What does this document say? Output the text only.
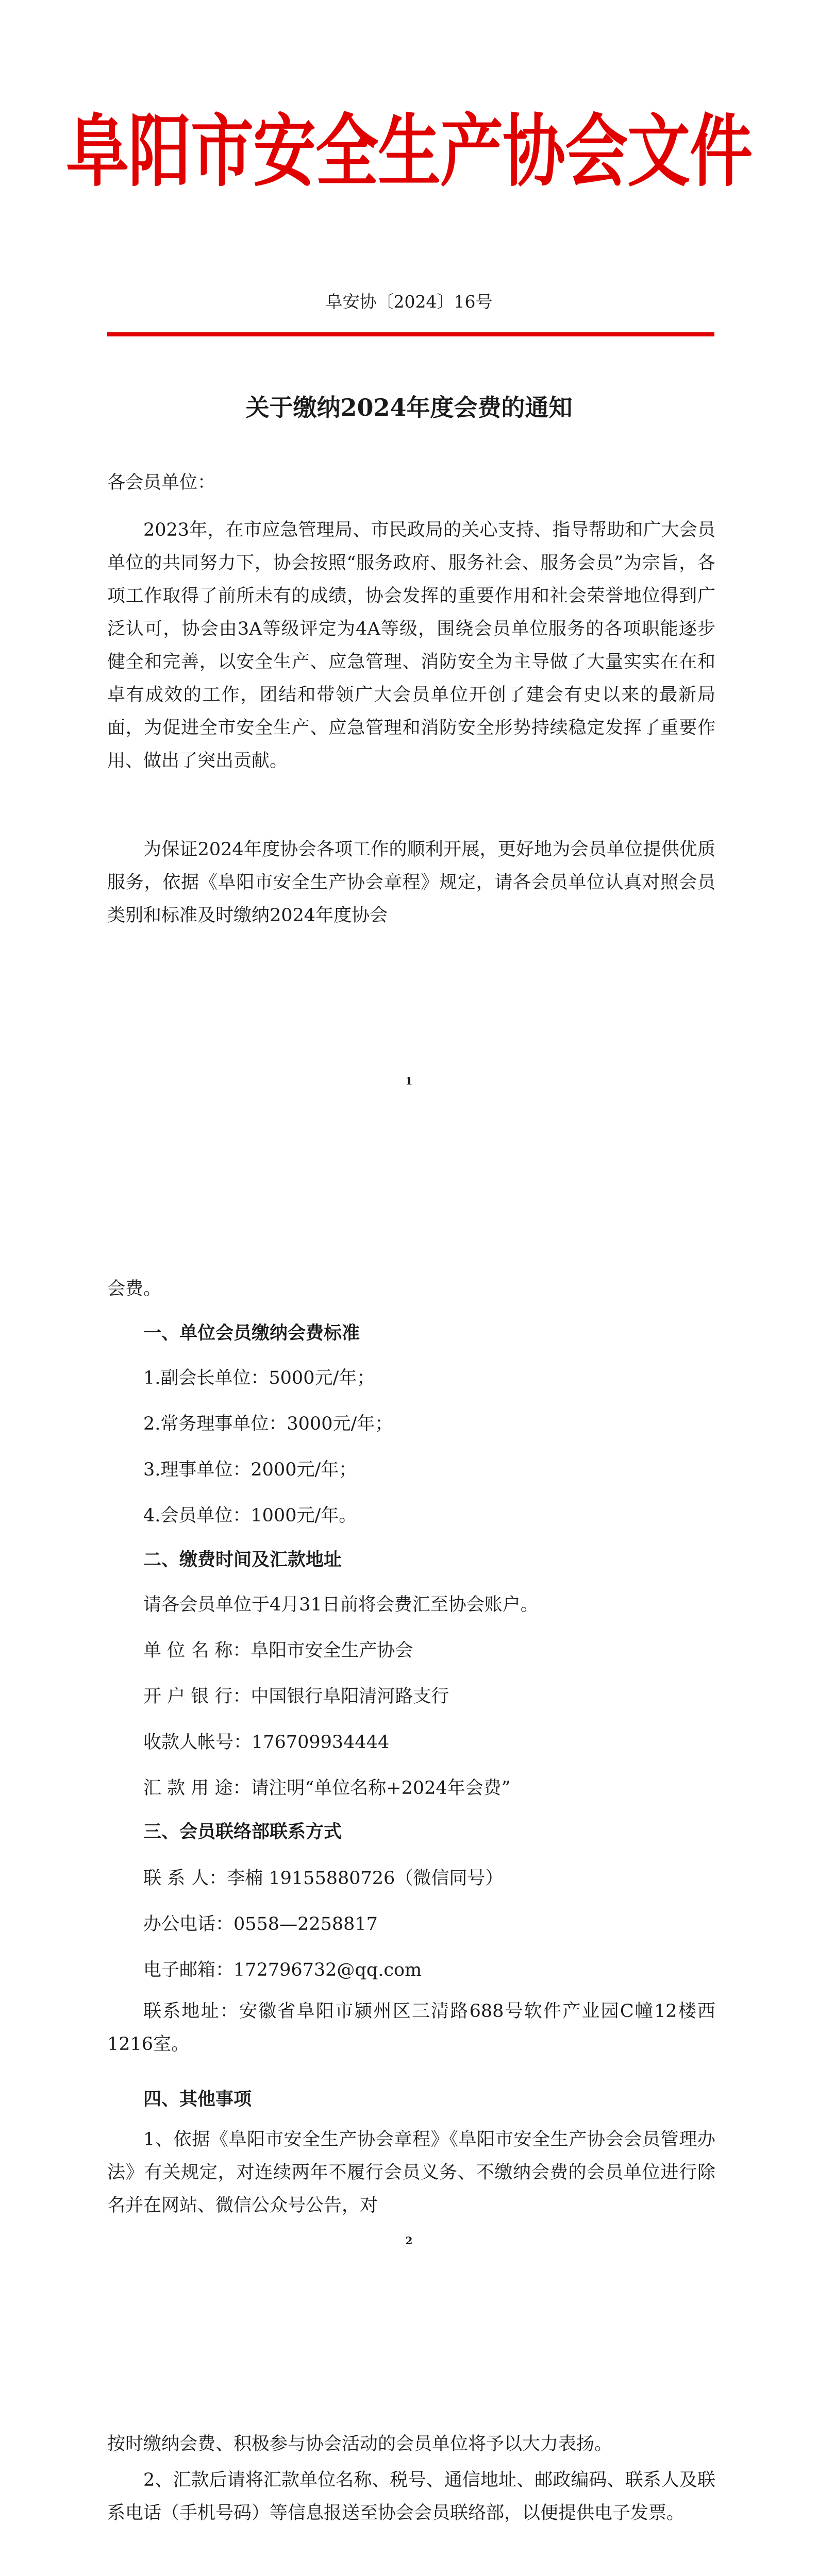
阜阳市安全生产协会文件
阜安协〔2024〕16号
关于缴纳2024年度会费的通知

各会员单位：

2023年，在市应急管理局、市民政局的关心支持、指导帮助和广大会员单位的共同努力下，协会按照“服务政府、服务社会、服务会员”为宗旨，各项工作取得了前所未有的成绩，协会发挥的重要作用和社会荣誉地位得到广泛认可，协会由3A等级评定为4A等级，围绕会员单位服务的各项职能逐步健全和完善，以安全生产、应急管理、消防安全为主导做了大量实实在在和卓有成效的工作，团结和带领广大会员单位开创了建会有史以来的最新局面，为促进全市安全生产、应急管理和消防安全形势持续稳定发挥了重要作用、做出了突出贡献。

为保证2024年度协会各项工作的顺利开展，更好地为会员单位提供优质服务，依据《阜阳市安全生产协会章程》规定，请各会员单位认真对照会员类别和标准及时缴纳2024年度协会

1

会费。

一、单位会员缴纳会费标准
1.副会长单位：5000元/年；
2.常务理事单位：3000元/年；
3.理事单位：2000元/年；
4.会员单位：1000元/年。
二、缴费时间及汇款地址
请各会员单位于4月31日前将会费汇至协会账户。
单 位 名 称：阜阳市安全生产协会
开 户 银 行：中国银行阜阳清河路支行
收款人帐号：176709934444
汇 款 用 途：请注明“单位名称+2024年会费”
三、会员联络部联系方式
联 系 人：李楠 19155880726（微信同号）
办公电话：0558—2258817
电子邮箱：172796732@qq.com

联系地址：安徽省阜阳市颍州区三清路688号软件产业园C幢12楼西1216室。

四、其他事项

1、依据《阜阳市安全生产协会章程》《阜阳市安全生产协会会员管理办法》有关规定，对连续两年不履行会员义务、不缴纳会费的会员单位进行除名并在网站、微信公众号公告，对

2

按时缴纳会费、积极参与协会活动的会员单位将予以大力表扬。

2、汇款后请将汇款单位名称、税号、通信地址、邮政编码、联系人及联系电话（手机号码）等信息报送至协会会员联络部，以便提供电子发票。
